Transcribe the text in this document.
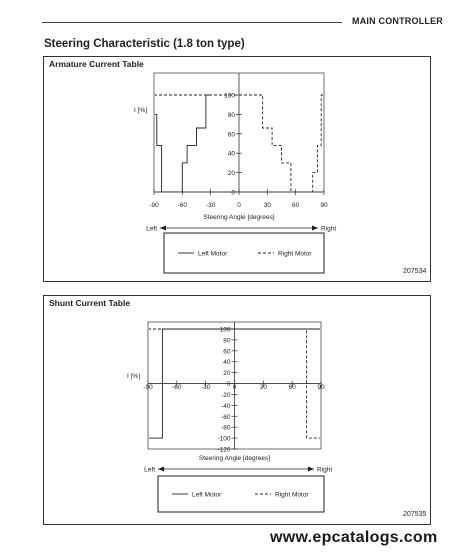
MAIN CONTROLLER
Steering Characteristic (1.8 ton type)
Armature Current Table
0
20
40
60
80
100
-90	-60	-30	0	30	60	90
I [%]
Steering Angle [degrees]
Left	Right
Left Motor	Right Motor
207534
Shunt Current Table
100
80
60
40
20
0
-20
-40
-60
-80
-100
-120
-90	-60	-30	0	30	60	90
I [%]
Steering Angle [degrees]
Left	Right
Left Motor	Right Motor
207535
www.epcatalogs.com
